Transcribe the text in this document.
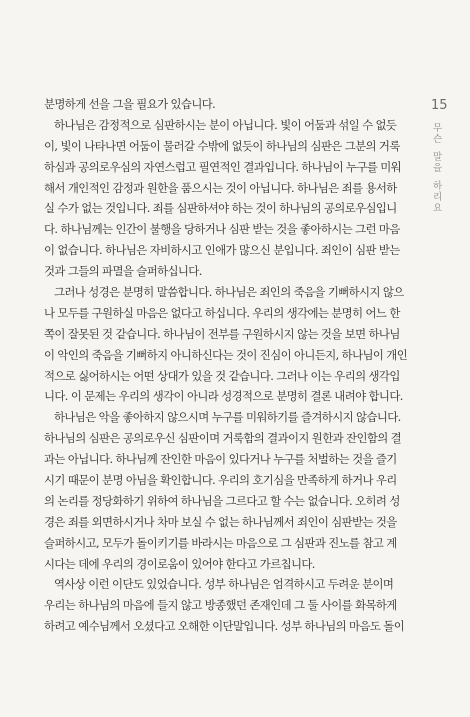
15
무
슨
말
을
하
리
요
분명하게 선을 그을 필요가 있습니다.
하나님은 감정적으로 심판하시는 분이 아닙니다. 빛이 어둠과 섞일 수 없듯
이, 빛이 나타나면 어둠이 물러갈 수밖에 없듯이 하나님의 심판은 그분의 거룩
하심과 공의로우심의 자연스럽고 필연적인 결과입니다. 하나님이 누구를 미워
해서 개인적인 감정과 원한을 품으시는 것이 아닙니다. 하나님은 죄를 용서하
실 수가 없는 것입니다. 죄를 심판하셔야 하는 것이 하나님의 공의로우심입니
다. 하나님께는 인간이 불행을 당하거나 심판 받는 것을 좋아하시는 그런 마음
이 없습니다. 하나님은 자비하시고 인애가 많으신 분입니다. 죄인이 심판 받는
것과 그들의 파멸을 슬퍼하십니다.
그러나 성경은 분명히 말씀합니다. 하나님은 죄인의 죽음을 기뻐하시지 않으
나 모두를 구원하실 마음은 없다고 하십니다. 우리의 생각에는 분명히 어느 한
쪽이 잘못된 것 같습니다. 하나님이 전부를 구원하시지 않는 것을 보면 하나님
이 악인의 죽음을 기뻐하지 아니하신다는 것이 진심이 아니든지, 하나님이 개인
적으로 싫어하시는 어떤 상대가 있을 것 같습니다. 그러나 이는 우리의 생각입
니다. 이 문제는 우리의 생각이 아니라 성경적으로 분명히 결론 내려야 합니다.
하나님은 악을 좋아하지 않으시며 누구를 미워하기를 즐겨하시지 않습니다.
하나님의 심판은 공의로우신 심판이며 거룩함의 결과이지 원한과 잔인함의 결
과는 아닙니다. 하나님께 잔인한 마음이 있다거나 누구를 처벌하는 것을 즐기
시기 때문이 분명 아님을 확인합니다. 우리의 호기심을 만족하게 하거나 우리
의 논리를 정당화하기 위하여 하나님을 그르다고 할 수는 없습니다. 오히려 성
경은 죄를 외면하시거나 차마 보실 수 없는 하나님께서 죄인이 심판받는 것을
슬퍼하시고, 모두가 돌이키기를 바라시는 마음으로 그 심판과 진노를 참고 계
시다는 데에 우리의 경이로움이 있어야 한다고 가르칩니다.
역사상 이런 이단도 있었습니다. 성부 하나님은 엄격하시고 두려운 분이며
우리는 하나님의 마음에 들지 않고 방종했던 존재인데 그 둘 사이를 화목하게
하려고 예수님께서 오셨다고 오해한 이단말입니다. 성부 하나님의 마음도 돌이
